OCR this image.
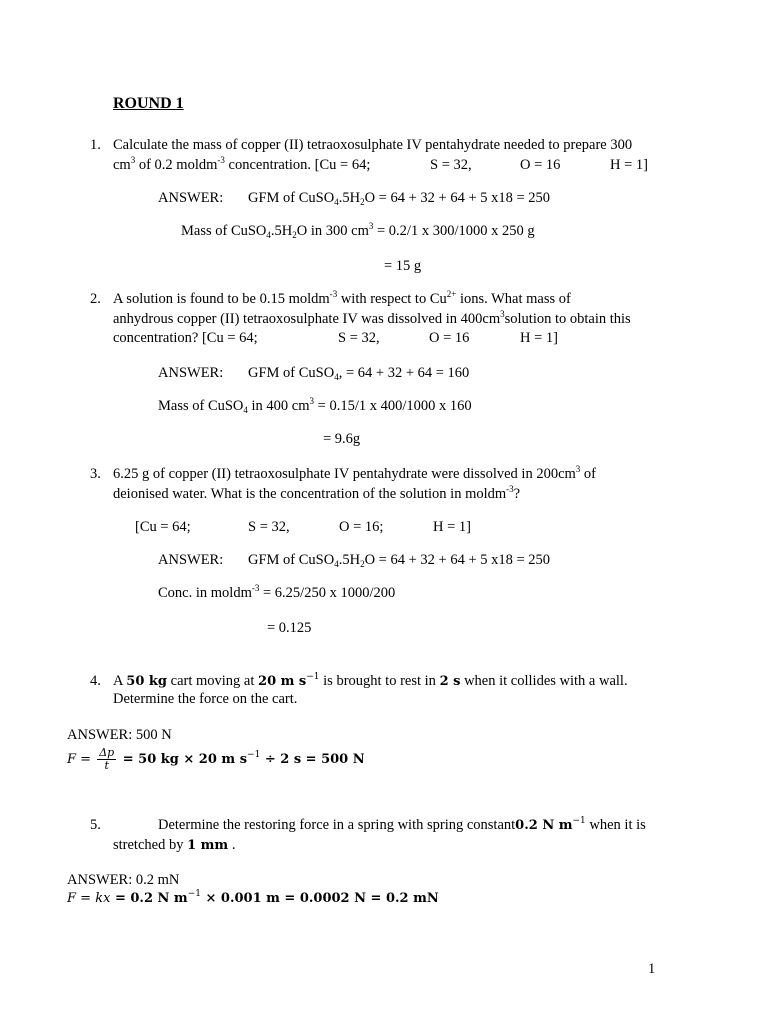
ROUND 1
1. Calculate the mass of copper (II) tetraoxosulphate IV pentahydrate needed to prepare 300
$cm^3$ of 0.2 moldm$^{-3}$ concentration. [Cu = 64;	S = 32,	O = 16	H = 1]
ANSWER: GFM of $CuSO_4.5H_2O = 64 + 32 + 64 + 5$ x18 = 250
Mass of $CuSO_4.5H_2O$ in 300 $cm^3 = 0.2/1$ x 300/1000 x 250 g
= 15 g
2. A solution is found to be 0.15 moldm$^{-3}$ with respect to $Cu^{2+}$ ions. What mass of
anhydrous copper (II) tetraoxosulphate IV was dissolved in $400cm^3solution$ to obtain this
concentration? [Cu = 64;	S = 32,	O = 16	H = 1]
ANSWER: GFM of CuSO$_4$, = 64 + 32 + 64 = 160
Mass of CuSO$_4$ in 400 $cm^3 = 0.15/1$ x 400/1000 x 160
= 9.6g
3. 6.25 g of copper (II) tetraoxosulphate IV pentahydrate were dissolved in $200cm^3$ of
deionised water. What is the concentration of the solution in moldm$^{-3}$?
[Cu = 64;	S = 32,	O = 16;	H = 1]
ANSWER: GFM of $CuSO_4.5H_2O = 64 + 32 + 64 + 5$ x18 = 250
Conc. in moldm$^{-3}$ = 6.25/250 x 1000/200
= 0.125
4. A 50 kg cart moving at 20 m $s^{-1}$ is brought to rest in 2 s when it collides with a wall.
Determine the force on the cart.
ANSWER: 500 N
$F = \frac{\Delta p}{t} = 50$ kg × 20 m $s^{-1} \div 2$ s = 500 N
5.	Determine the restoring force in a spring with spring constant0.2 N $m^{-1}$ when it is
stretched by 1 mm .
ANSWER: 0.2 mN
F = kx = 0.2 N $m^{-1} \times 0.001$ m = 0.0002 N = 0.2 mN
1
